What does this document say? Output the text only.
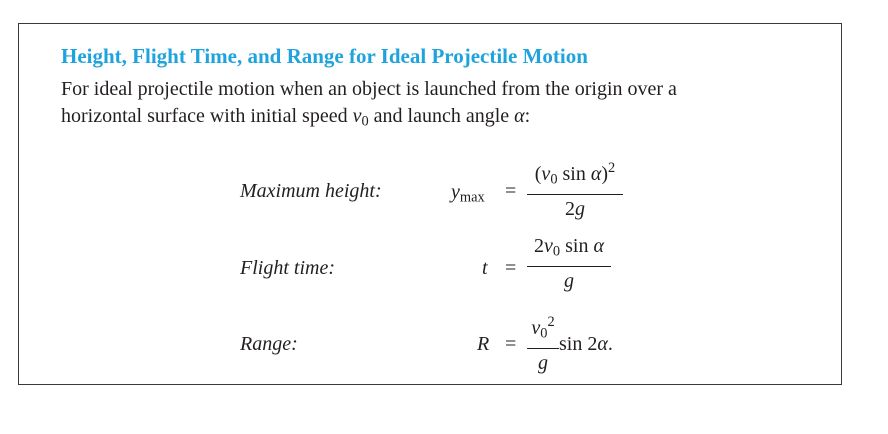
Height, Flight Time, and Range for Ideal Projectile Motion
For ideal projectile motion when an object is launched from the origin over a
horizontal surface with initial speed $v_0$ and launch angle α:
Maximum height:	$y_{max}$ =
($v_0$ sin α)$^2$
2g
Flight time:	t =
$2v_0$ sin α
g
Range:	R =
$v_0^2$
g
sin 2α.
